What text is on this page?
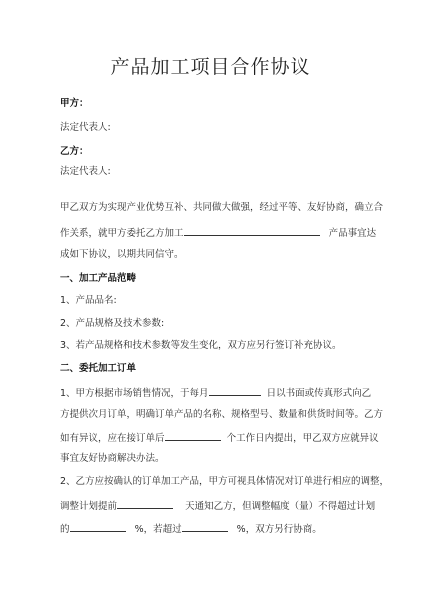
产品加工项目合作协议
甲方：
法定代表人:
乙方：
法定代表人:
甲乙双方为实现产业优势互补、共同做大做强，经过平等、友好协商，确立合
作关系，就甲方委托乙方加工	产品事宜达
成如下协议，以期共同信守。
一、加工产品范畴
1、产品品名:
2、产品规格及技术参数:
3、若产品规格和技术参数等发生变化，双方应另行签订补充协议。
二、委托加工订单
1、甲方根据市场销售情况，于每月	日以书面或传真形式向乙
方提供次月订单，明确订单产品的名称、规格型号、数量和供货时间等。乙方
如有异议，应在接订单后	个工作日内提出，甲乙双方应就异议
事宜友好协商解决办法。
2、乙方应按确认的订单加工产品，甲方可视具体情况对订单进行相应的调整，
调整计划提前	天通知乙方，但调整幅度（量）不得超过计划
的	%，若超过	%，双方另行协商。
